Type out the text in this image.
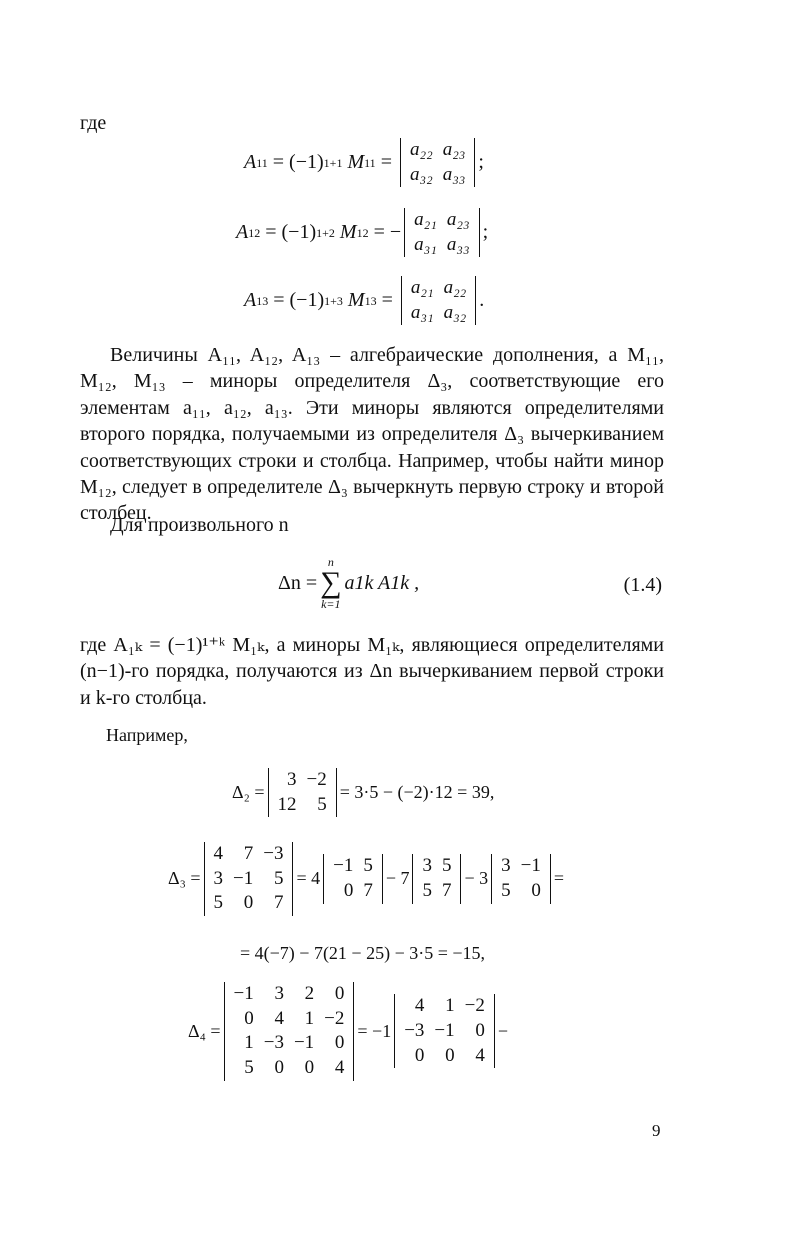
где
A 11 = (−1) 1+1
M 11 =
a₂₂	a₂₃
a₃₂	a₃₃
;
A 12 = (−1) 1+2
M 12 = −
a₂₁	a₂₃
a₃₁	a₃₃
;
A 13 = (−1) 1+3
M 13 =
a₂₁	a₂₂
a₃₁	a₃₂
.

Величины A₁₁, A₁₂, A₁₃ – алгебраические дополнения, а M₁₁, M₁₂, M₁₃ – миноры определителя Δ₃, соответствующие его элементам a₁₁, a₁₂, a₁₃. Эти миноры являются определителями второго порядка, получаемыми из определителя Δ₃ вычеркиванием соответствующих строки и столбца. Например, чтобы найти минор M₁₂, следует в определителе Δ₃ вычеркнуть первую строку и второй столбец.

Для произвольного n

Δn =
n
∑
k=1
a1k A1k ,	(1.4)

где A₁ₖ = (−1)¹⁺ᵏ M₁ₖ, а миноры M₁ₖ, являющиеся определителями (n−1)-го порядка, получаются из Δn вычеркиванием первой строки и k-го столбца.

Например,

Δ₂ =
3	−2
12	5
= 3·5 − (−2)·12 = 39,
Δ₃ =
4	7	−3
3	−1	5
5	0	7
= 4
−1	5
0	7
− 7
3	5
5	7
− 3
3	−1
5	0
=
= 4(−7) − 7(21 − 25) − 3·5 = −15,
Δ₄ =
−1	3	2	0
0	4	1	−2
1	−3	−1	0
5	0	0	4
= −1
4	1	−2
−3	−1	0
0	0	4
−
9
